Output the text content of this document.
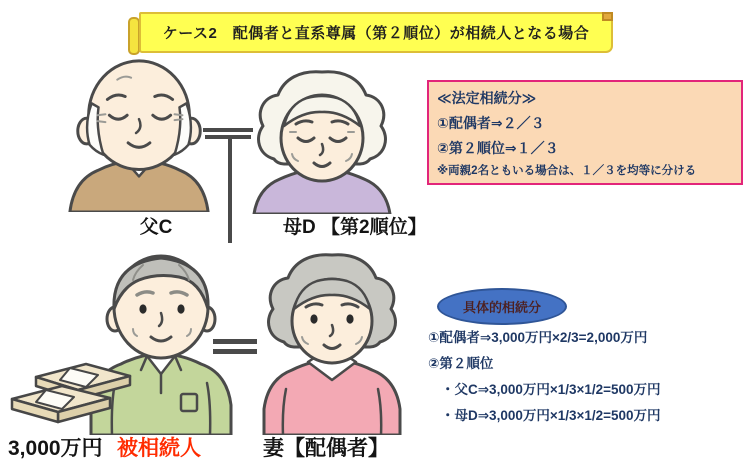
ケース2　配偶者と直系尊属（第２順位）が相続人となる場合
父C	母D 【第2順位】
3,000万円 被相続人	妻【配偶者】
≪法定相続分≫
①配偶者⇒２／３
②第２順位⇒１／３
※両親2名ともいる場合は、１／３を均等に分ける
具体的相続分
①配偶者⇒3,000万円×2/3=2,000万円
②第２順位
・父C⇒3,000万円×1/3×1/2=500万円
・母D⇒3,000万円×1/3×1/2=500万円
